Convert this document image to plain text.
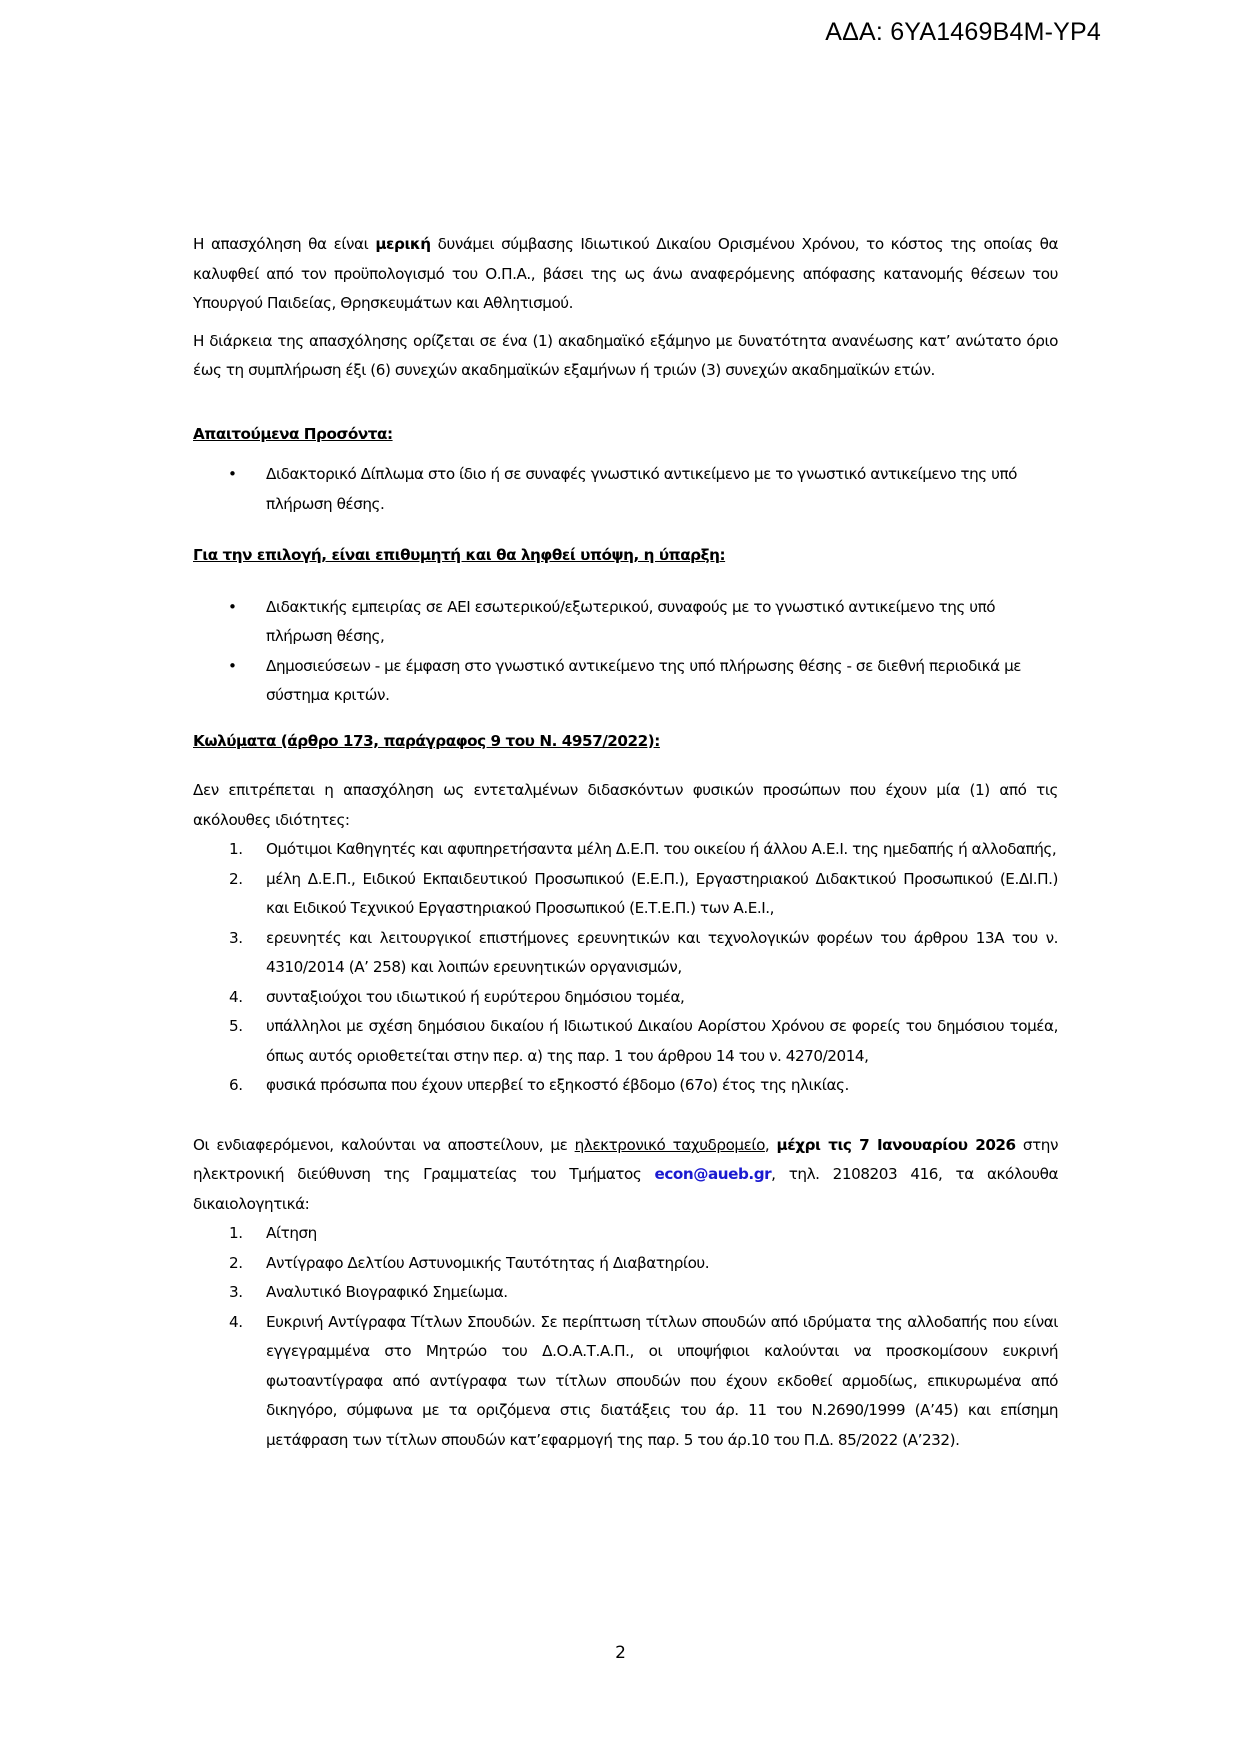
ΑΔΑ: 6ΥΑ1469Β4Μ-ΥΡ4

Η απασχόληση θα είναι μερική δυνάμει σύμβασης Ιδιωτικού Δικαίου Ορισμένου Χρόνου, το κόστος της οποίας θα καλυφθεί από τον προϋπολογισμό του Ο.Π.Α., βάσει της ως άνω αναφερόμενης απόφασης κατανομής θέσεων του Υπουργού Παιδείας, Θρησκευμάτων και Αθλητισμού.

Η διάρκεια της απασχόλησης ορίζεται σε ένα (1) ακαδημαϊκό εξάμηνο με δυνατότητα ανανέωσης κατ’ ανώτατο όριο έως τη συμπλήρωση έξι (6) συνεχών ακαδημαϊκών εξαμήνων ή τριών (3) συνεχών ακαδημαϊκών ετών.

Απαιτούμενα Προσόντα:
• Διδακτορικό Δίπλωμα στο ίδιο ή σε συναφές γνωστικό αντικείμενο με το γνωστικό αντικείμενο της υπό πλήρωση θέσης.
Για την επιλογή, είναι επιθυμητή και θα ληφθεί υπόψη, η ύπαρξη:
• Διδακτικής εμπειρίας σε ΑΕΙ εσωτερικού/εξωτερικού, συναφούς με το γνωστικό αντικείμενο της υπό πλήρωση θέσης,
• Δημοσιεύσεων - με έμφαση στο γνωστικό αντικείμενο της υπό πλήρωσης θέσης - σε διεθνή περιοδικά με σύστημα κριτών.
Κωλύματα (άρθρο 173, παράγραφος 9 του Ν. 4957/2022):

Δεν επιτρέπεται η απασχόληση ως εντεταλμένων διδασκόντων φυσικών προσώπων που έχουν μία (1) από τις ακόλουθες ιδιότητες:

1. Ομότιμοι Καθηγητές και αφυπηρετήσαντα μέλη Δ.Ε.Π. του οικείου ή άλλου Α.Ε.Ι. της ημεδαπής ή αλλοδαπής,
2. μέλη Δ.Ε.Π., Ειδικού Εκπαιδευτικού Προσωπικού (Ε.Ε.Π.), Εργαστηριακού Διδακτικού Προσωπικού (Ε.ΔΙ.Π.) και Ειδικού Τεχνικού Εργαστηριακού Προσωπικού (Ε.Τ.Ε.Π.) των Α.Ε.Ι.,
3. ερευνητές και λειτουργικοί επιστήμονες ερευνητικών και τεχνολογικών φορέων του άρθρου 13Α του ν. 4310/2014 (Α’ 258) και λοιπών ερευνητικών οργανισμών,
4. συνταξιούχοι του ιδιωτικού ή ευρύτερου δημόσιου τομέα,
5. υπάλληλοι με σχέση δημόσιου δικαίου ή Ιδιωτικού Δικαίου Αορίστου Χρόνου σε φορείς του δημόσιου τομέα, όπως αυτός οριοθετείται στην περ. α) της παρ. 1 του άρθρου 14 του ν. 4270/2014,
6. φυσικά πρόσωπα που έχουν υπερβεί το εξηκοστό έβδομο (67ο) έτος της ηλικίας.

Οι ενδιαφερόμενοι, καλούνται να αποστείλουν, με ηλεκτρονικό ταχυδρομείο, μέχρι τις 7 Ιανουαρίου 2026 στην ηλεκτρονική διεύθυνση της Γραμματείας του Τμήματος econ@aueb.gr, τηλ. 2108203 416, τα ακόλουθα δικαιολογητικά:

1. Αίτηση
2. Αντίγραφο Δελτίου Αστυνομικής Ταυτότητας ή Διαβατηρίου.
3. Αναλυτικό Βιογραφικό Σημείωμα.
4. Ευκρινή Αντίγραφα Τίτλων Σπουδών. Σε περίπτωση τίτλων σπουδών από ιδρύματα της αλλοδαπής που είναι εγγεγραμμένα στο Μητρώο του Δ.Ο.Α.Τ.Α.Π., οι υποψήφιοι καλούνται να προσκομίσουν ευκρινή φωτοαντίγραφα από αντίγραφα των τίτλων σπουδών που έχουν εκδοθεί αρμοδίως, επικυρωμένα από δικηγόρο, σύμφωνα με τα οριζόμενα στις διατάξεις του άρ. 11 του Ν.2690/1999 (Α’45) και επίσημη μετάφραση των τίτλων σπουδών κατ’εφαρμογή της παρ. 5 του άρ.10 του Π.Δ. 85/2022 (Α’232).
2
